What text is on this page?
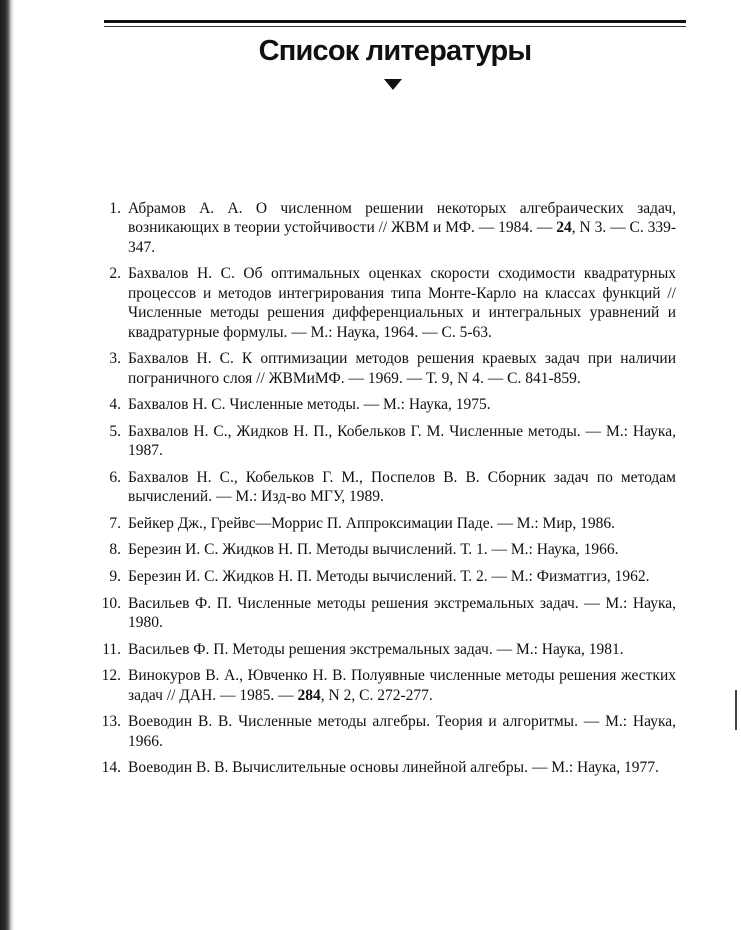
Список литературы
1. Абрамов А. А. О численном решении некоторых алгебраических задач, возникающих в теории устойчивости // ЖВМ и МФ. — 1984. — 24, N 3. — С. 339-347.
2. Бахвалов Н. С. Об оптимальных оценках скорости сходимости квадратурных процессов и методов интегрирования типа Монте-Карло на классах функций // Численные методы решения дифференциальных и интегральных уравнений и квадратурные формулы. — М.: Наука, 1964. — С. 5-63.
3. Бахвалов Н. С. К оптимизации методов решения краевых задач при наличии пограничного слоя // ЖВМиМФ. — 1969. — Т. 9, N 4. — С. 841-859.
4. Бахвалов Н. С. Численные методы. — М.: Наука, 1975.
5. Бахвалов Н. С., Жидков Н. П., Кобельков Г. М. Численные методы. — М.: Наука, 1987.
6. Бахвалов Н. С., Кобельков Г. М., Поспелов В. В. Сборник задач по методам вычислений. — М.: Изд-во МГУ, 1989.
7. Бейкер Дж., Грейвс—Моррис П. Аппроксимации Паде. — М.: Мир, 1986.
8. Березин И. С. Жидков Н. П. Методы вычислений. Т. 1. — М.: Наука, 1966.
9. Березин И. С. Жидков Н. П. Методы вычислений. Т. 2. — М.: Физматгиз, 1962.
10. Васильев Ф. П. Численные методы решения экстремальных задач. — М.: Наука, 1980.
11. Васильев Ф. П. Методы решения экстремальных задач. — М.: Наука, 1981.
12. Винокуров В. А., Ювченко Н. В. Полуявные численные методы решения жестких задач // ДАН. — 1985. — 284, N 2, С. 272-277.
13. Воеводин В. В. Численные методы алгебры. Теория и алгоритмы. — М.: Наука, 1966.
14. Воеводин В. В. Вычислительные основы линейной алгебры. — М.: Наука, 1977.
